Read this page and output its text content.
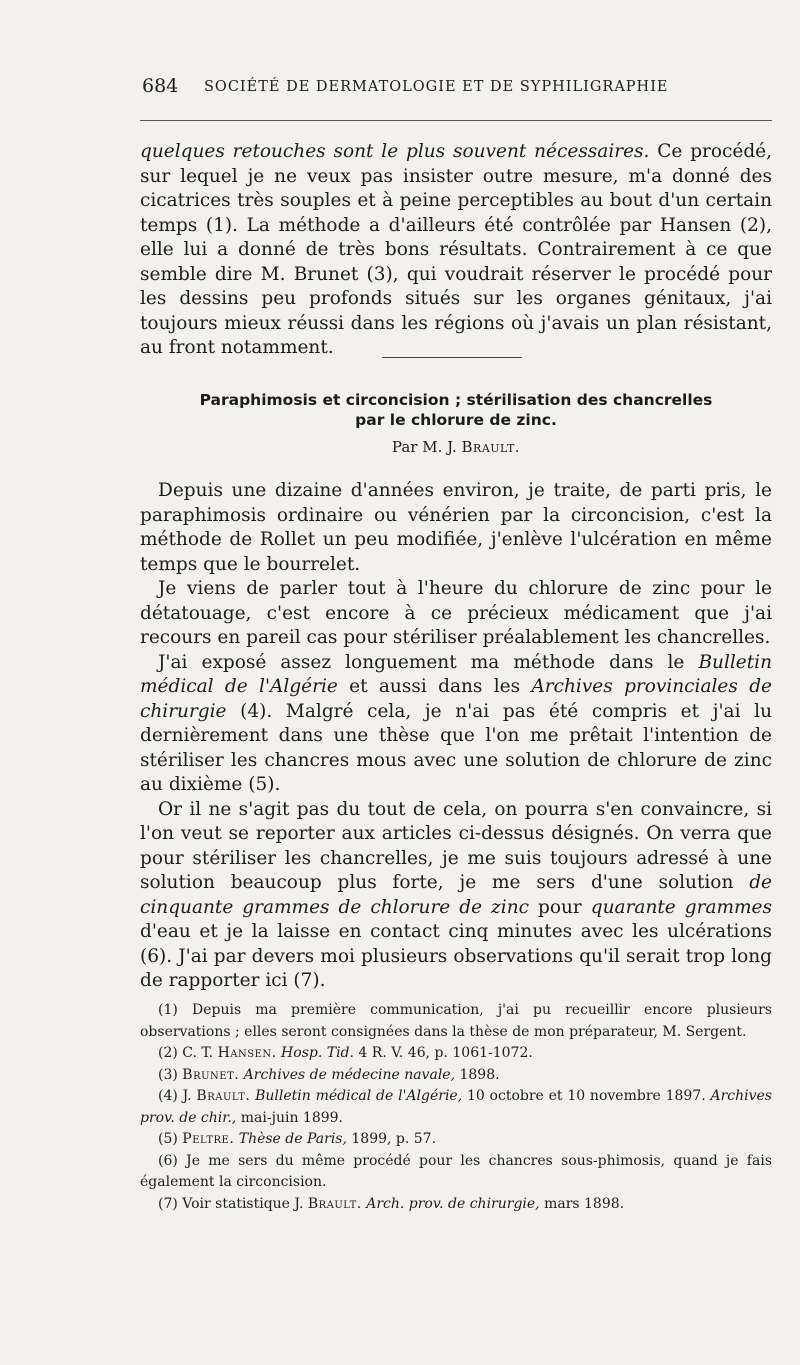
684 SOCIÉTÉ DE DERMATOLOGIE ET DE SYPHILIGRAPHIE

quelques retouches sont le plus souvent nécessaires. Ce procédé, sur lequel je ne veux pas insister outre mesure, m'a donné des cicatrices très souples et à peine perceptibles au bout d'un certain temps (1). La méthode a d'ailleurs été contrôlée par Hansen (2), elle lui a donné de très bons résultats. Contrairement à ce que semble dire M. Brunet (3), qui voudrait réserver le procédé pour les dessins peu profonds situés sur les organes génitaux, j'ai toujours mieux réussi dans les régions où j'avais un plan résistant, au front notamment.

Paraphimosis et circoncision ; stérilisation des chancrelles
par le chlorure de zinc.
Par M. J. Brault.

Depuis une dizaine d'années environ, je traite, de parti pris, le paraphimosis ordinaire ou vénérien par la circoncision, c'est la méthode de Rollet un peu modifiée, j'enlève l'ulcération en même temps que le bourrelet.

Je viens de parler tout à l'heure du chlorure de zinc pour le détatouage, c'est encore à ce précieux médicament que j'ai recours en pareil cas pour stériliser préalablement les chancrelles.

J'ai exposé assez longuement ma méthode dans le Bulletin médical de l'Algérie et aussi dans les Archives provinciales de chirurgie (4). Malgré cela, je n'ai pas été compris et j'ai lu dernièrement dans une thèse que l'on me prêtait l'intention de stériliser les chancres mous avec une solution de chlorure de zinc au dixième (5).

Or il ne s'agit pas du tout de cela, on pourra s'en convaincre, si l'on veut se reporter aux articles ci-dessus désignés. On verra que pour stériliser les chancrelles, je me suis toujours adressé à une solution beaucoup plus forte, je me sers d'une solution de cinquante grammes de chlorure de zinc pour quarante grammes d'eau et je la laisse en contact cinq minutes avec les ulcérations (6). J'ai par devers moi plusieurs observations qu'il serait trop long de rapporter ici (7).

(1) Depuis ma première communication, j'ai pu recueillir encore plusieurs observations ; elles seront consignées dans la thèse de mon préparateur, M. Sergent.

(2) C. T. Hansen. Hosp. Tid. 4 R. V. 46, p. 1061-1072.

(3) Brunet. Archives de médecine navale, 1898.

(4) J. Brault. Bulletin médical de l'Algérie, 10 octobre et 10 novembre 1897. Archives prov. de chir., mai-juin 1899.

(5) Peltre. Thèse de Paris, 1899, p. 57.

(6) Je me sers du même procédé pour les chancres sous-phimosis, quand je fais également la circoncision.

(7) Voir statistique J. Brault. Arch. prov. de chirurgie, mars 1898.
